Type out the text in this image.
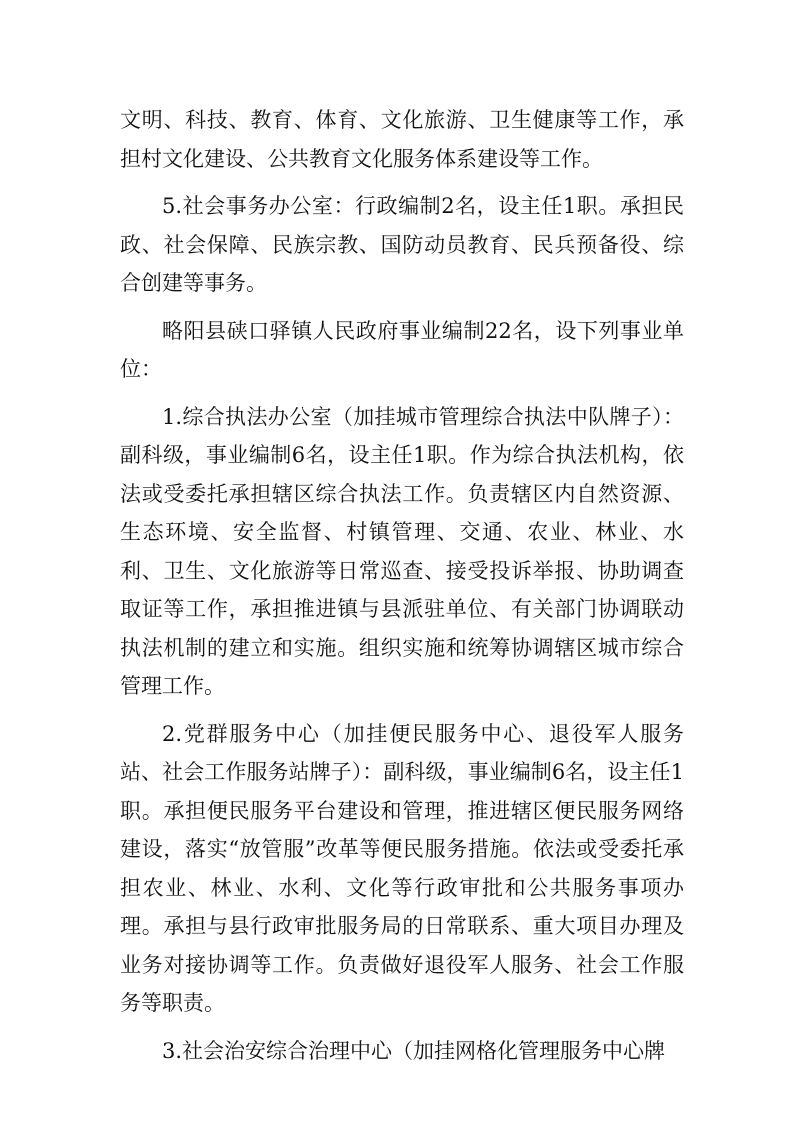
文明、科技、教育、体育、文化旅游、卫生健康等工作，承担村文化建设、公共教育文化服务体系建设等工作。

5.社会事务办公室：行政编制2名，设主任1职。承担民政、社会保障、民族宗教、国防动员教育、民兵预备役、综合创建等事务。

略阳县硖口驿镇人民政府事业编制22名，设下列事业单位：

1.综合执法办公室（加挂城市管理综合执法中队牌子）：副科级，事业编制6名，设主任1职。作为综合执法机构，依法或受委托承担辖区综合执法工作。负责辖区内自然资源、生态环境、安全监督、村镇管理、交通、农业、林业、水利、卫生、文化旅游等日常巡查、接受投诉举报、协助调查取证等工作，承担推进镇与县派驻单位、有关部门协调联动执法机制的建立和实施。组织实施和统筹协调辖区城市综合管理工作。

2.党群服务中心（加挂便民服务中心、退役军人服务站、社会工作服务站牌子）：副科级，事业编制6名，设主任1职。承担便民服务平台建设和管理，推进辖区便民服务网络建设，落实“放管服”改革等便民服务措施。依法或受委托承担农业、林业、水利、文化等行政审批和公共服务事项办理。承担与县行政审批服务局的日常联系、重大项目办理及业务对接协调等工作。负责做好退役军人服务、社会工作服务等职责。

3.社会治安综合治理中心（加挂网格化管理服务中心牌
